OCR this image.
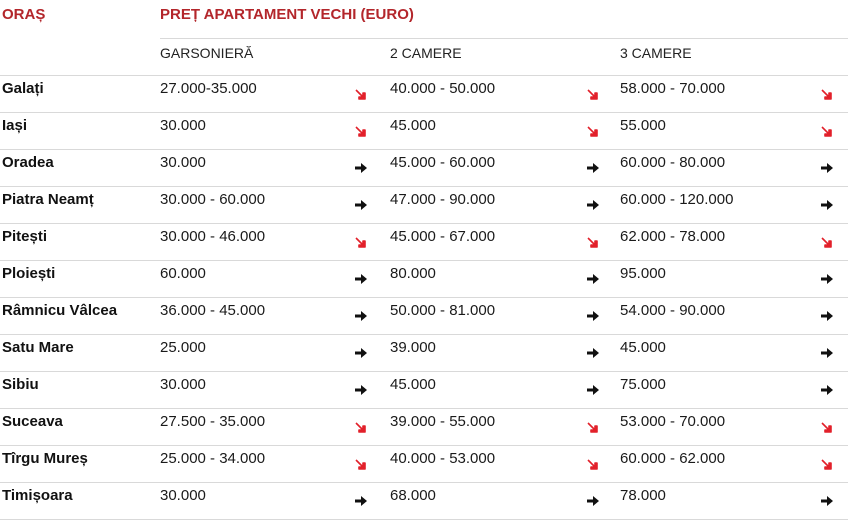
ORAȘ	PREȚ APARTAMENT VECHI (EURO)		
	GARSONIERĂ	2 CAMERE	3 CAMERE
Galați	27.000-35.000	40.000 - 50.000	58.000 - 70.000

Iași	30.000	45.000	55.000

Oradea	30.000	45.000 - 60.000	60.000 - 80.000

Piatra Neamț	30.000 - 60.000	47.000 - 90.000	60.000 - 120.000

Pitești	30.000 - 46.000	45.000 - 67.000	62.000 - 78.000

Ploiești	60.000	80.000	95.000

Râmnicu Vâlcea	36.000 - 45.000	50.000 - 81.000	54.000 - 90.000

Satu Mare	25.000	39.000	45.000

Sibiu	30.000	45.000	75.000

Suceava	27.500 - 35.000	39.000 - 55.000	53.000 - 70.000

Tîrgu Mureș	25.000 - 34.000	40.000 - 53.000	60.000 - 62.000

Timișoara	30.000	68.000	78.000
